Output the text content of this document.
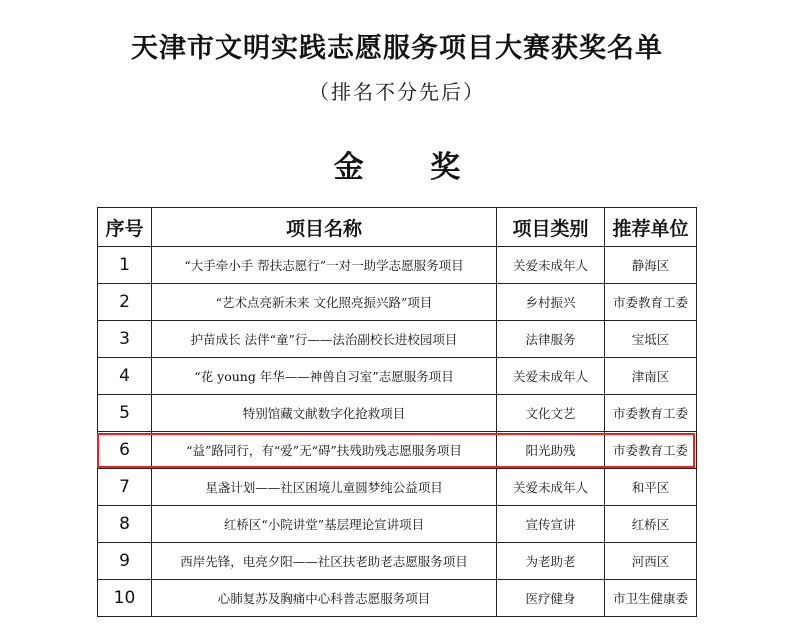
天津市文明实践志愿服务项目大赛获奖名单
（排名不分先后）
金 奖
序号	项目名称	项目类别	推荐单位
1	“大手牵小手 帮扶志愿行”一对一助学志愿服务项目	关爱未成年人	静海区
2	“艺术点亮新未来 文化照亮振兴路”项目	乡村振兴	市委教育工委
3	护苗成长 法伴“童”行——法治副校长进校园项目	法律服务	宝坻区
4	“花 young 年华——神兽自习室”志愿服务项目	关爱未成年人	津南区
5	特别馆藏文献数字化抢救项目	文化文艺	市委教育工委
6	“益”路同行，有“爱”无“碍”扶残助残志愿服务项目	阳光助残	市委教育工委
7	星盏计划——社区困境儿童圆梦纯公益项目	关爱未成年人	和平区
8	红桥区“小院讲堂”基层理论宣讲项目	宣传宣讲	红桥区
9	西岸先锋，电亮夕阳——社区扶老助老志愿服务项目	为老助老	河西区
10	心肺复苏及胸痛中心科普志愿服务项目	医疗健身	市卫生健康委
